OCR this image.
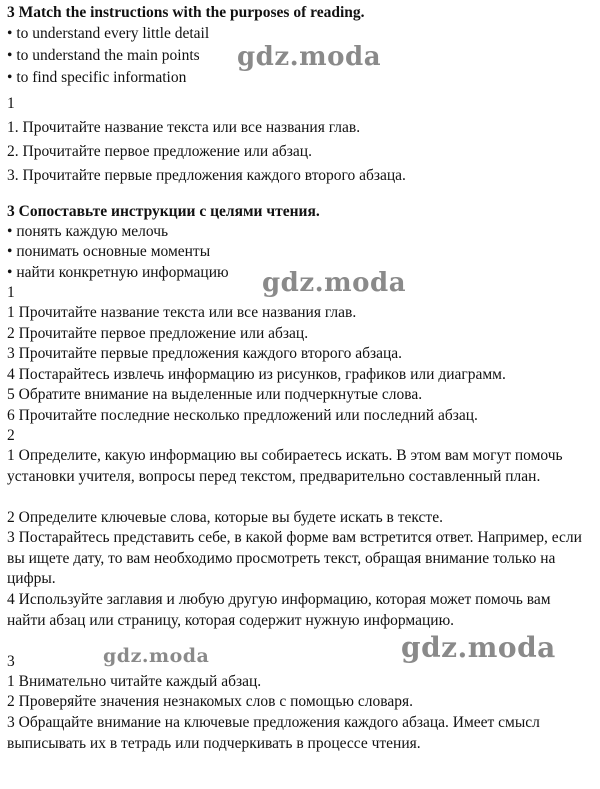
3 Match the instructions with the purposes of reading.
• to understand every little detail
• to understand the main points
• to find specific information
1
1. Прочитайте название текста или все названия глав.
2. Прочитайте первое предложение или абзац.
3. Прочитайте первые предложения каждого второго абзаца.
3 Сопоставьте инструкции с целями чтения.
• понять каждую мелочь
• понимать основные моменты
• найти конкретную информацию
1
1 Прочитайте название текста или все названия глав.
2 Прочитайте первое предложение или абзац.
3 Прочитайте первые предложения каждого второго абзаца.
4 Постарайтесь извлечь информацию из рисунков, графиков или диаграмм.
5 Обратите внимание на выделенные или подчеркнутые слова.
6 Прочитайте последние несколько предложений или последний абзац.
2
1 Определите, какую информацию вы собираетесь искать. В этом вам могут помочь установки учителя, вопросы перед текстом, предварительно составленный план.
2 Определите ключевые слова, которые вы будете искать в тексте.
3 Постарайтесь представить себе, в какой форме вам встретится ответ. Например, если вы ищете дату, то вам необходимо просмотреть текст, обращая внимание только на цифры.
4 Используйте заглавия и любую другую информацию, которая может помочь вам найти абзац или страницу, которая содержит нужную информацию.
3
1 Внимательно читайте каждый абзац.
2 Проверяйте значения незнакомых слов с помощью словаря.
3 Обращайте внимание на ключевые предложения каждого абзаца. Имеет смысл выписывать их в тетрадь или подчеркивать в процессе чтения.
gdz.moda
gdz.moda
gdz.moda	gdz.moda
